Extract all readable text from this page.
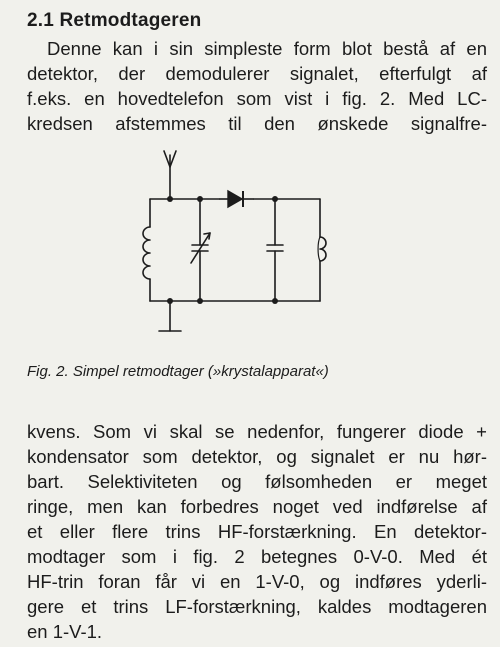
2.1 Retmodtageren

Denne kan i sin simpleste form blot bestå af en
detektor, der demodulerer signalet, efterfulgt af
f.eks. en hovedtelefon som vist i fig. 2. Med LC-
kredsen afstemmes til den ønskede signalfre-

Fig. 2. Simpel retmodtager (»krystalapparat«)

kvens. Som vi skal se nedenfor, fungerer diode +
kondensator som detektor, og signalet er nu hør-
bart. Selektiviteten og følsomheden er meget
ringe, men kan forbedres noget ved indførelse af
et eller flere trins HF-forstærkning. En detektor-
modtager som i fig. 2 betegnes 0-V-0. Med ét
HF-trin foran får vi en 1-V-0, og indføres yderli-
gere et trins LF-forstærkning, kaldes modtageren
en 1-V-1.
